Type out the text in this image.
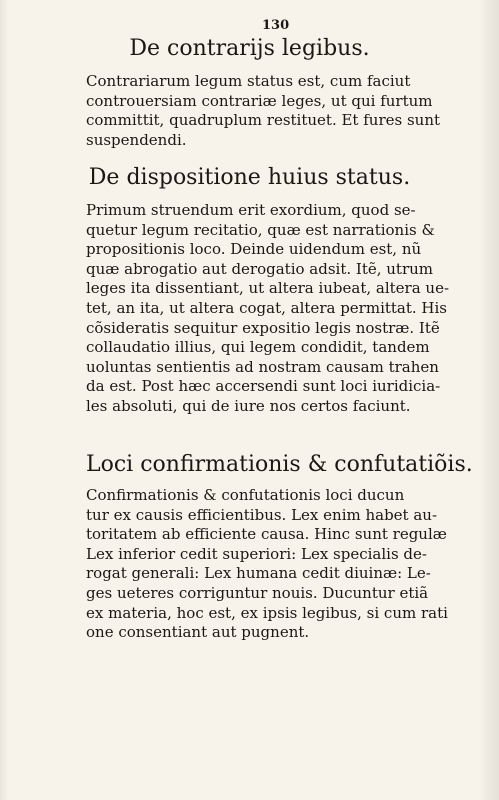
130
De contrarijs legibus.
Contrariarum legum status est, cum faciut
controuersiam contrariæ leges, ut qui furtum
committit, quadruplum restituet. Et fures sunt
suspendendi.
De dispositione huius status.
Primum struendum erit exordium, quod se-
quetur legum recitatio, quæ est narrationis &
propositionis loco. Deinde uidendum est, nũ
quæ abrogatio aut derogatio adsit. Itẽ, utrum
leges ita dissentiant, ut altera iubeat, altera ue-
tet, an ita, ut altera cogat, altera permittat. His
cõsideratis sequitur expositio legis nostræ. Itẽ
collaudatio illius, qui legem condidit, tandem
uoluntas sentientis ad nostram causam trahen
da est. Post hæc accersendi sunt loci iuridicia-
les absoluti, qui de iure nos certos faciunt.
Loci confirmationis & confutatiõis.
Confirmationis & confutationis loci ducun
tur ex causis efficientibus. Lex enim habet au-
toritatem ab efficiente causa. Hinc sunt regulæ
Lex inferior cedit superiori: Lex specialis de-
rogat generali: Lex humana cedit diuinæ: Le-
ges ueteres corriguntur nouis. Ducuntur etiã
ex materia, hoc est, ex ipsis legibus, si cum rati
one consentiant aut pugnent.
